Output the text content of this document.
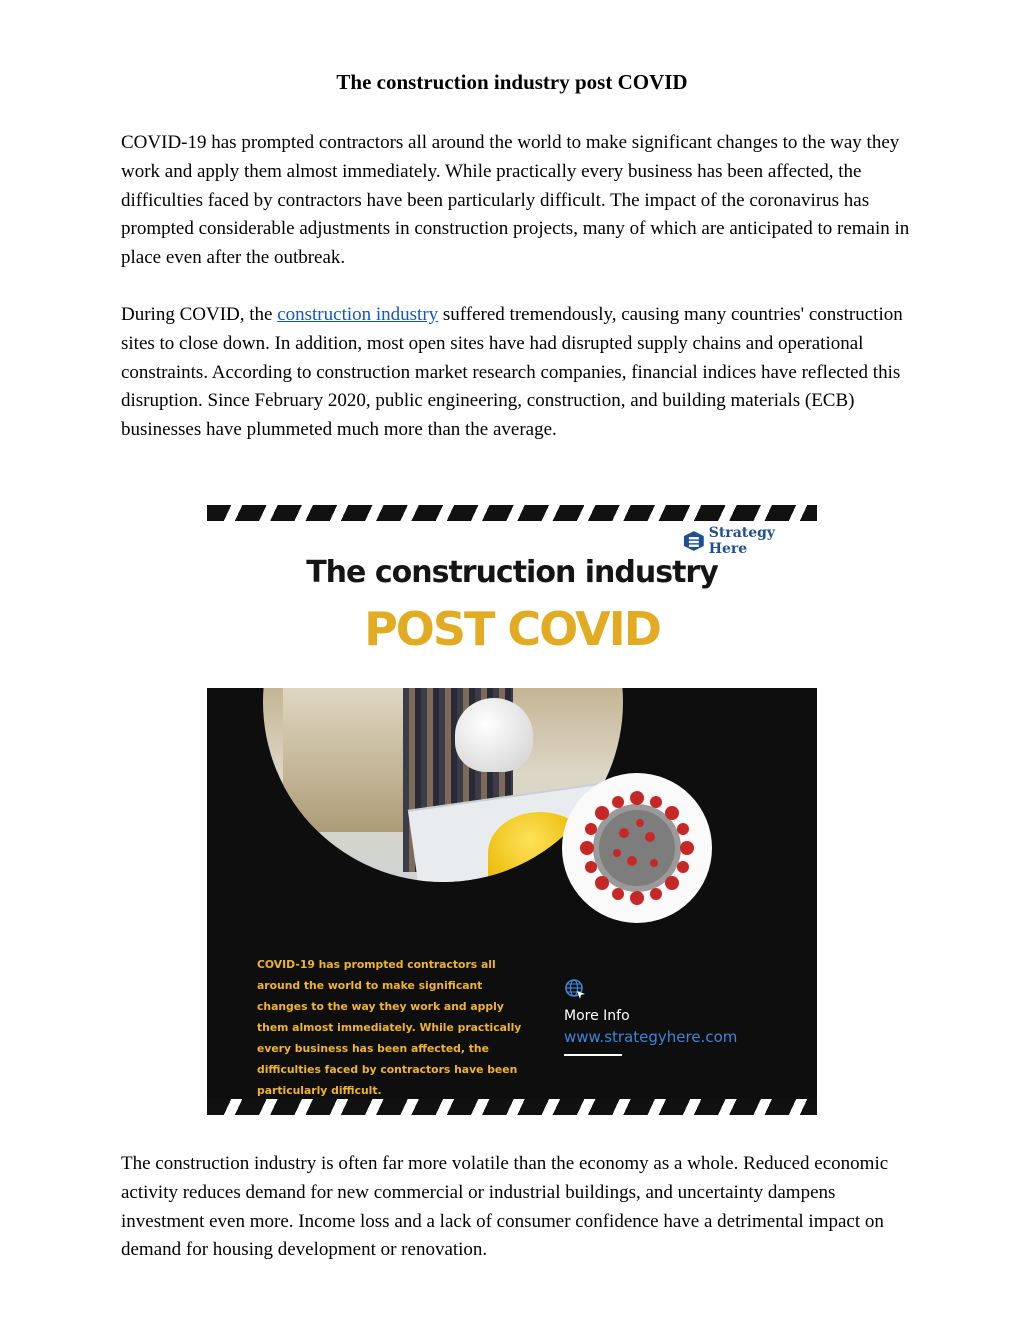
The construction industry post COVID

COVID-19 has prompted contractors all around the world to make significant changes to the way they work and apply them almost immediately. While practically every business has been affected, the difficulties faced by contractors have been particularly difficult. The impact of the coronavirus has prompted considerable adjustments in construction projects, many of which are anticipated to remain in place even after the outbreak.

During COVID, the construction industry suffered tremendously, causing many countries' construction sites to close down. In addition, most open sites have had disrupted supply chains and operational constraints. According to construction market research companies, financial indices have reflected this disruption. Since February 2020, public engineering, construction, and building materials (ECB) businesses have plummeted much more than the average.

Strategy Here
The construction industry
POST COVID
COVID-19 has prompted contractors all around the world to make significant changes to the way they work and apply them almost immediately. While practically every business has been affected, the difficulties faced by contractors have been particularly difficult.
More Info
www.strategyhere.com

The construction industry is often far more volatile than the economy as a whole. Reduced economic activity reduces demand for new commercial or industrial buildings, and uncertainty dampens investment even more. Income loss and a lack of consumer confidence have a detrimental impact on demand for housing development or renovation.
